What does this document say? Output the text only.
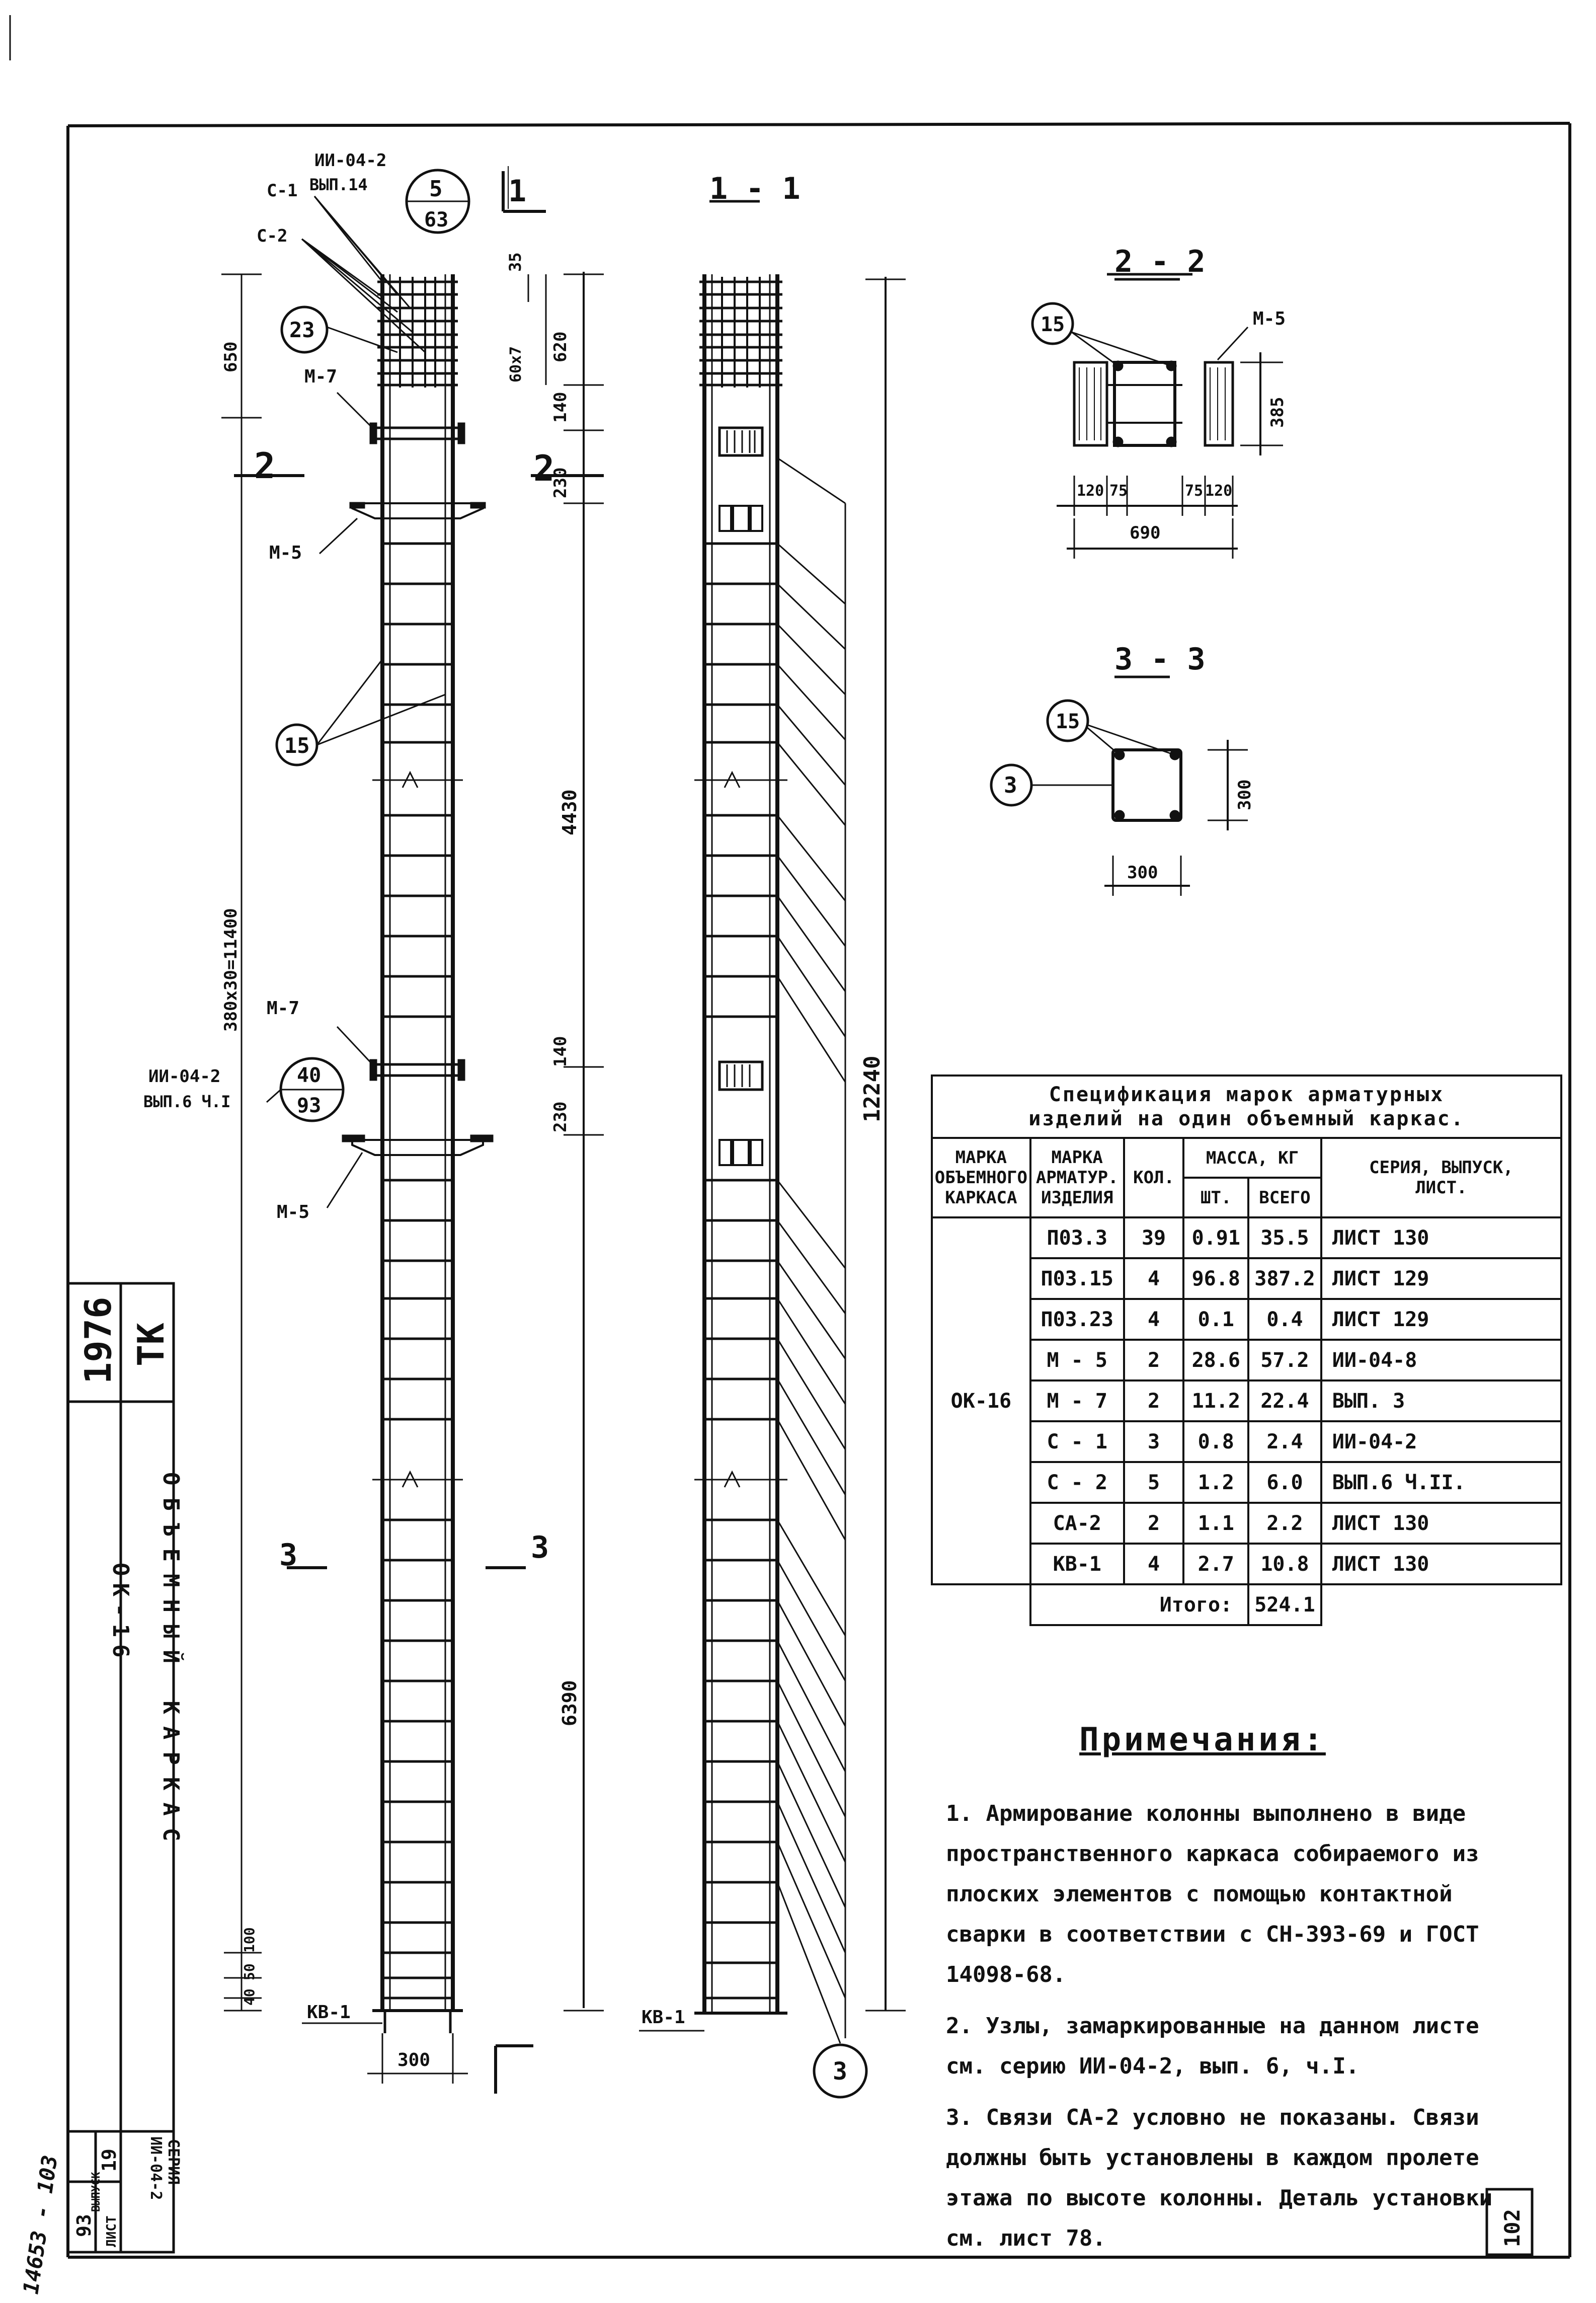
ИИ-04-2
ВЫП.14	5
63
С-1
С-2
23
М-7
М-5
15
М-7
М-5
ИИ-04-2
ВЫП.6 Ч.I
40
93
КВ-1
1
2	2
3	3
35
60x7 620
650
140
230
4430
380x30=11400
140
230
6390
100
50
40
300
1 - 1
12240
КВ-1
3
2 - 2
15	М-5
385
120 75	75 120
690
3 - 3
15
3	300
300
102
14653 - 103
1976 ТК
ОБЪЕМНЫЙ КАРКАС
ОК-16
СЕРИЯ
ИИ-04-2
ВЫПУСК
19
ЛИСТ
93
Спецификация марок арматурных изделий на один объемный каркас.					
МАРКА ОБЪЕМНОГО КАРКАСА	МАРКА АРМАТУР. ИЗДЕЛИЯ	КОЛ.	МАССА, КГ		СЕРИЯ, ВЫПУСК, ЛИСТ.
			ШТ.	ВСЕГО	
ОК-16	П03.3	39	0.91	35.5	ЛИСТ 130
	П03.15	4	96.8	387.2	ЛИСТ 129
	П03.23	4	0.1	0.4	ЛИСТ 129
	М - 5	2	28.6	57.2	ИИ-04-8
	М - 7	2	11.2	22.4	ВЫП. 3
	С - 1	3	0.8	2.4	ИИ-04-2
	С - 2	5	1.2	6.0	ВЫП.6 Ч.II.
	СА-2	2	1.1	2.2	ЛИСТ 130
	КВ-1	4	2.7	10.8	ЛИСТ 130
	Итого:			524.1	
Примечания:

1. Армирование колонны выполнено в виде пространственного каркаса собираемого из плоских элементов с помощью контактной сварки в соответствии с СН-393-69 и ГОСТ 14098-68.

2. Узлы, замаркированные на данном листе см. серию ИИ-04-2, вып. 6, ч.I.

3. Связи СА-2 условно не показаны. Связи должны быть установлены в каждом пролете этажа по высоте колонны. Деталь установки см. лист 78.
